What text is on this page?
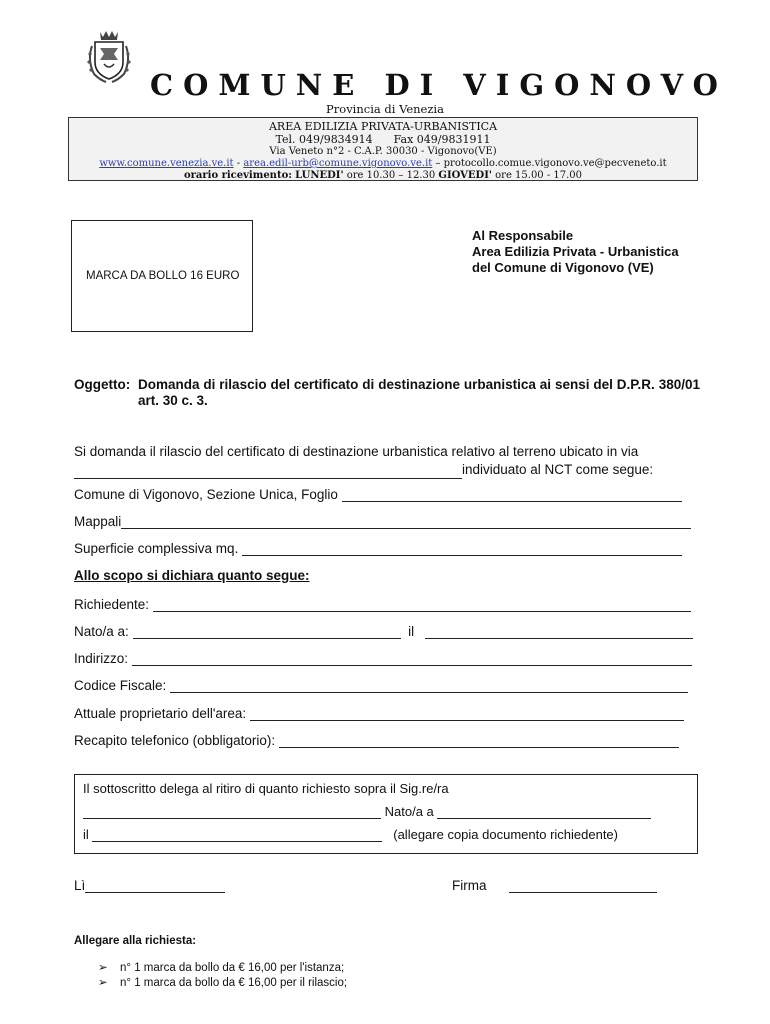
COMUNE DI VIGONOVO
Provincia di Venezia
AREA EDILIZIA PRIVATA-URBANISTICA
Tel. 049/9834914      Fax 049/9831911
Via Veneto n°2 - C.A.P. 30030 - Vigonovo(VE)
www.comune.venezia.ve.it - area.edil-urb@comune.vigonovo.ve.it – protocollo.comue.vigonovo.ve@pecveneto.it
orario ricevimento: LUNEDI' ore 10.30 – 12.30 GIOVEDI' ore 15.00 - 17.00
MARCA DA BOLLO 16 EURO
Al Responsabile
Area Edilizia Privata - Urbanistica
del Comune di Vigonovo (VE)
Oggetto: Domanda di rilascio del certificato di destinazione urbanistica ai sensi del D.P.R. 380/01 art. 30 c. 3.
Si domanda il rilascio del certificato di destinazione urbanistica relativo al terreno ubicato in via
individuato al NCT come segue:
Comune di Vigonovo, Sezione Unica, Foglio

Mappali
Superficie complessiva mq.

Allo scopo si dichiara quanto segue:
Richiedente:

Nato/a a:

	il

Indirizzo:

Codice Fiscale:

Attuale proprietario dell'area:

Recapito telefonico (obbligatorio):

Il sottoscritto delega al ritiro di quanto richiesto sopra il Sig.re/ra

Nato/a a

il

	(allegare copia documento richiedente)
Lì	Firma

Allegare alla richiesta:
➢ n° 1 marca da bollo da € 16,00 per l'istanza;
➢ n° 1 marca da bollo da € 16,00 per il rilascio;
